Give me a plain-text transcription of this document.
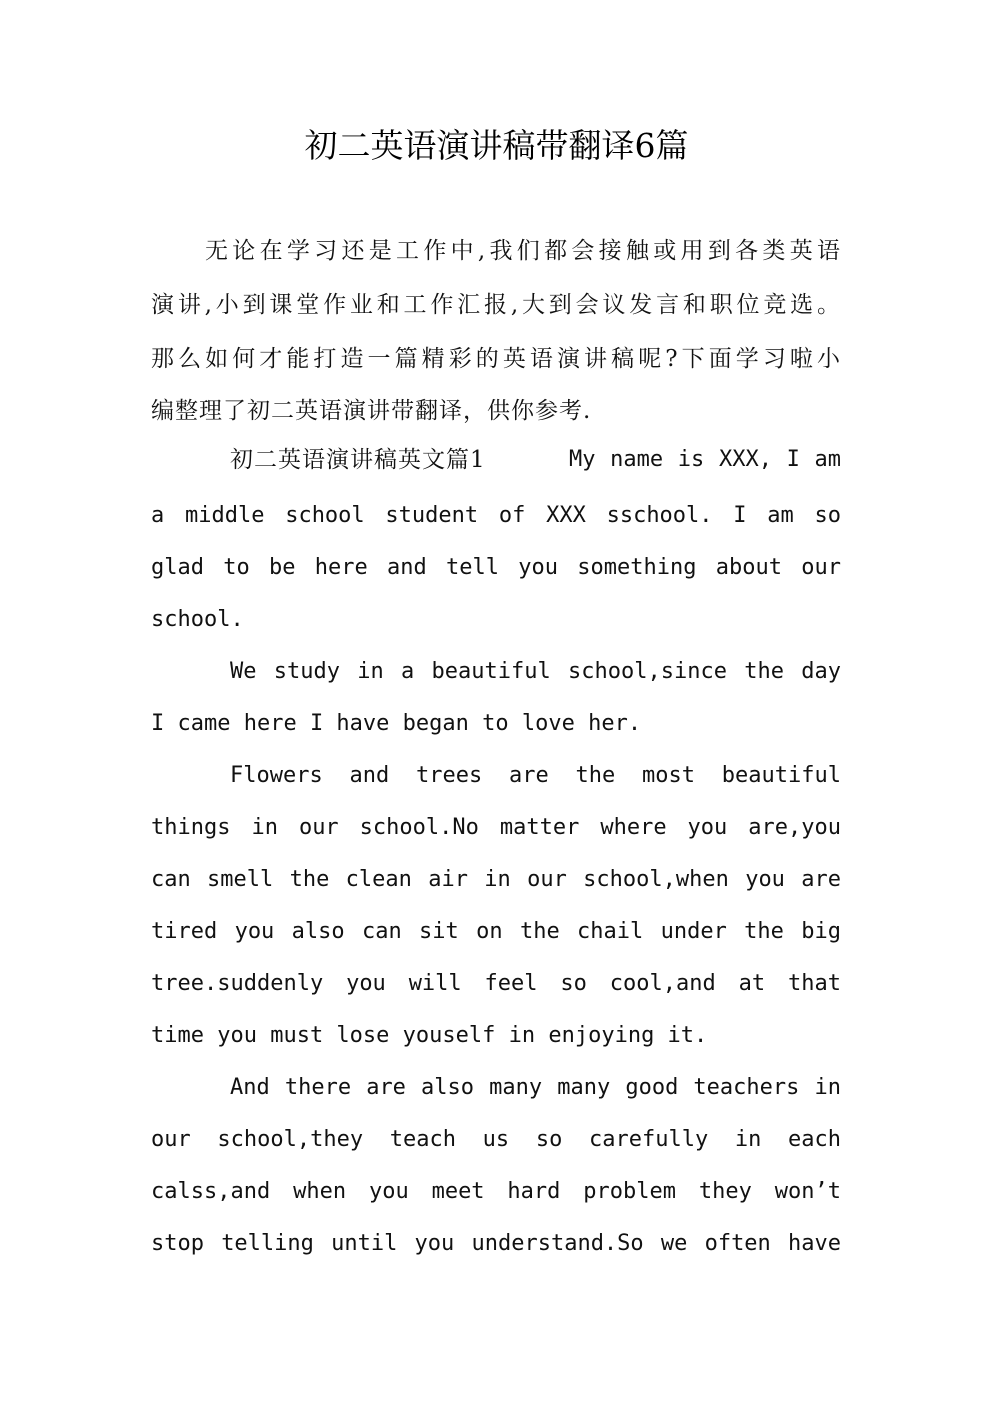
初二英语演讲稿带翻译6篇
无论在学习还是工作中,我们都会接触或用到各类英语
演讲,小到课堂作业和工作汇报,大到会议发言和职位竞选。
那么如何才能打造一篇精彩的英语演讲稿呢?下面学习啦小
编整理了初二英语演讲带翻译，供你参考.
初二英语演讲稿英文篇1	My name is XXX, I am
a middle school student of XXX sschool. I am so
glad to be here and tell you something about our
school.
We study in a beautiful school,since the day
I came here I have began to love her.
Flowers and trees are the most beautiful
things in our school.No matter where you are,you
can smell the clean air in our school,when you are
tired you also can sit on the chail under the big
tree.suddenly you will feel so cool,and at that
time you must lose youself in enjoying it.
And there are also many many good teachers in
our school,they teach us so carefully in each
calss,and when you meet hard problem they won’t
stop telling until you understand.So we often have
